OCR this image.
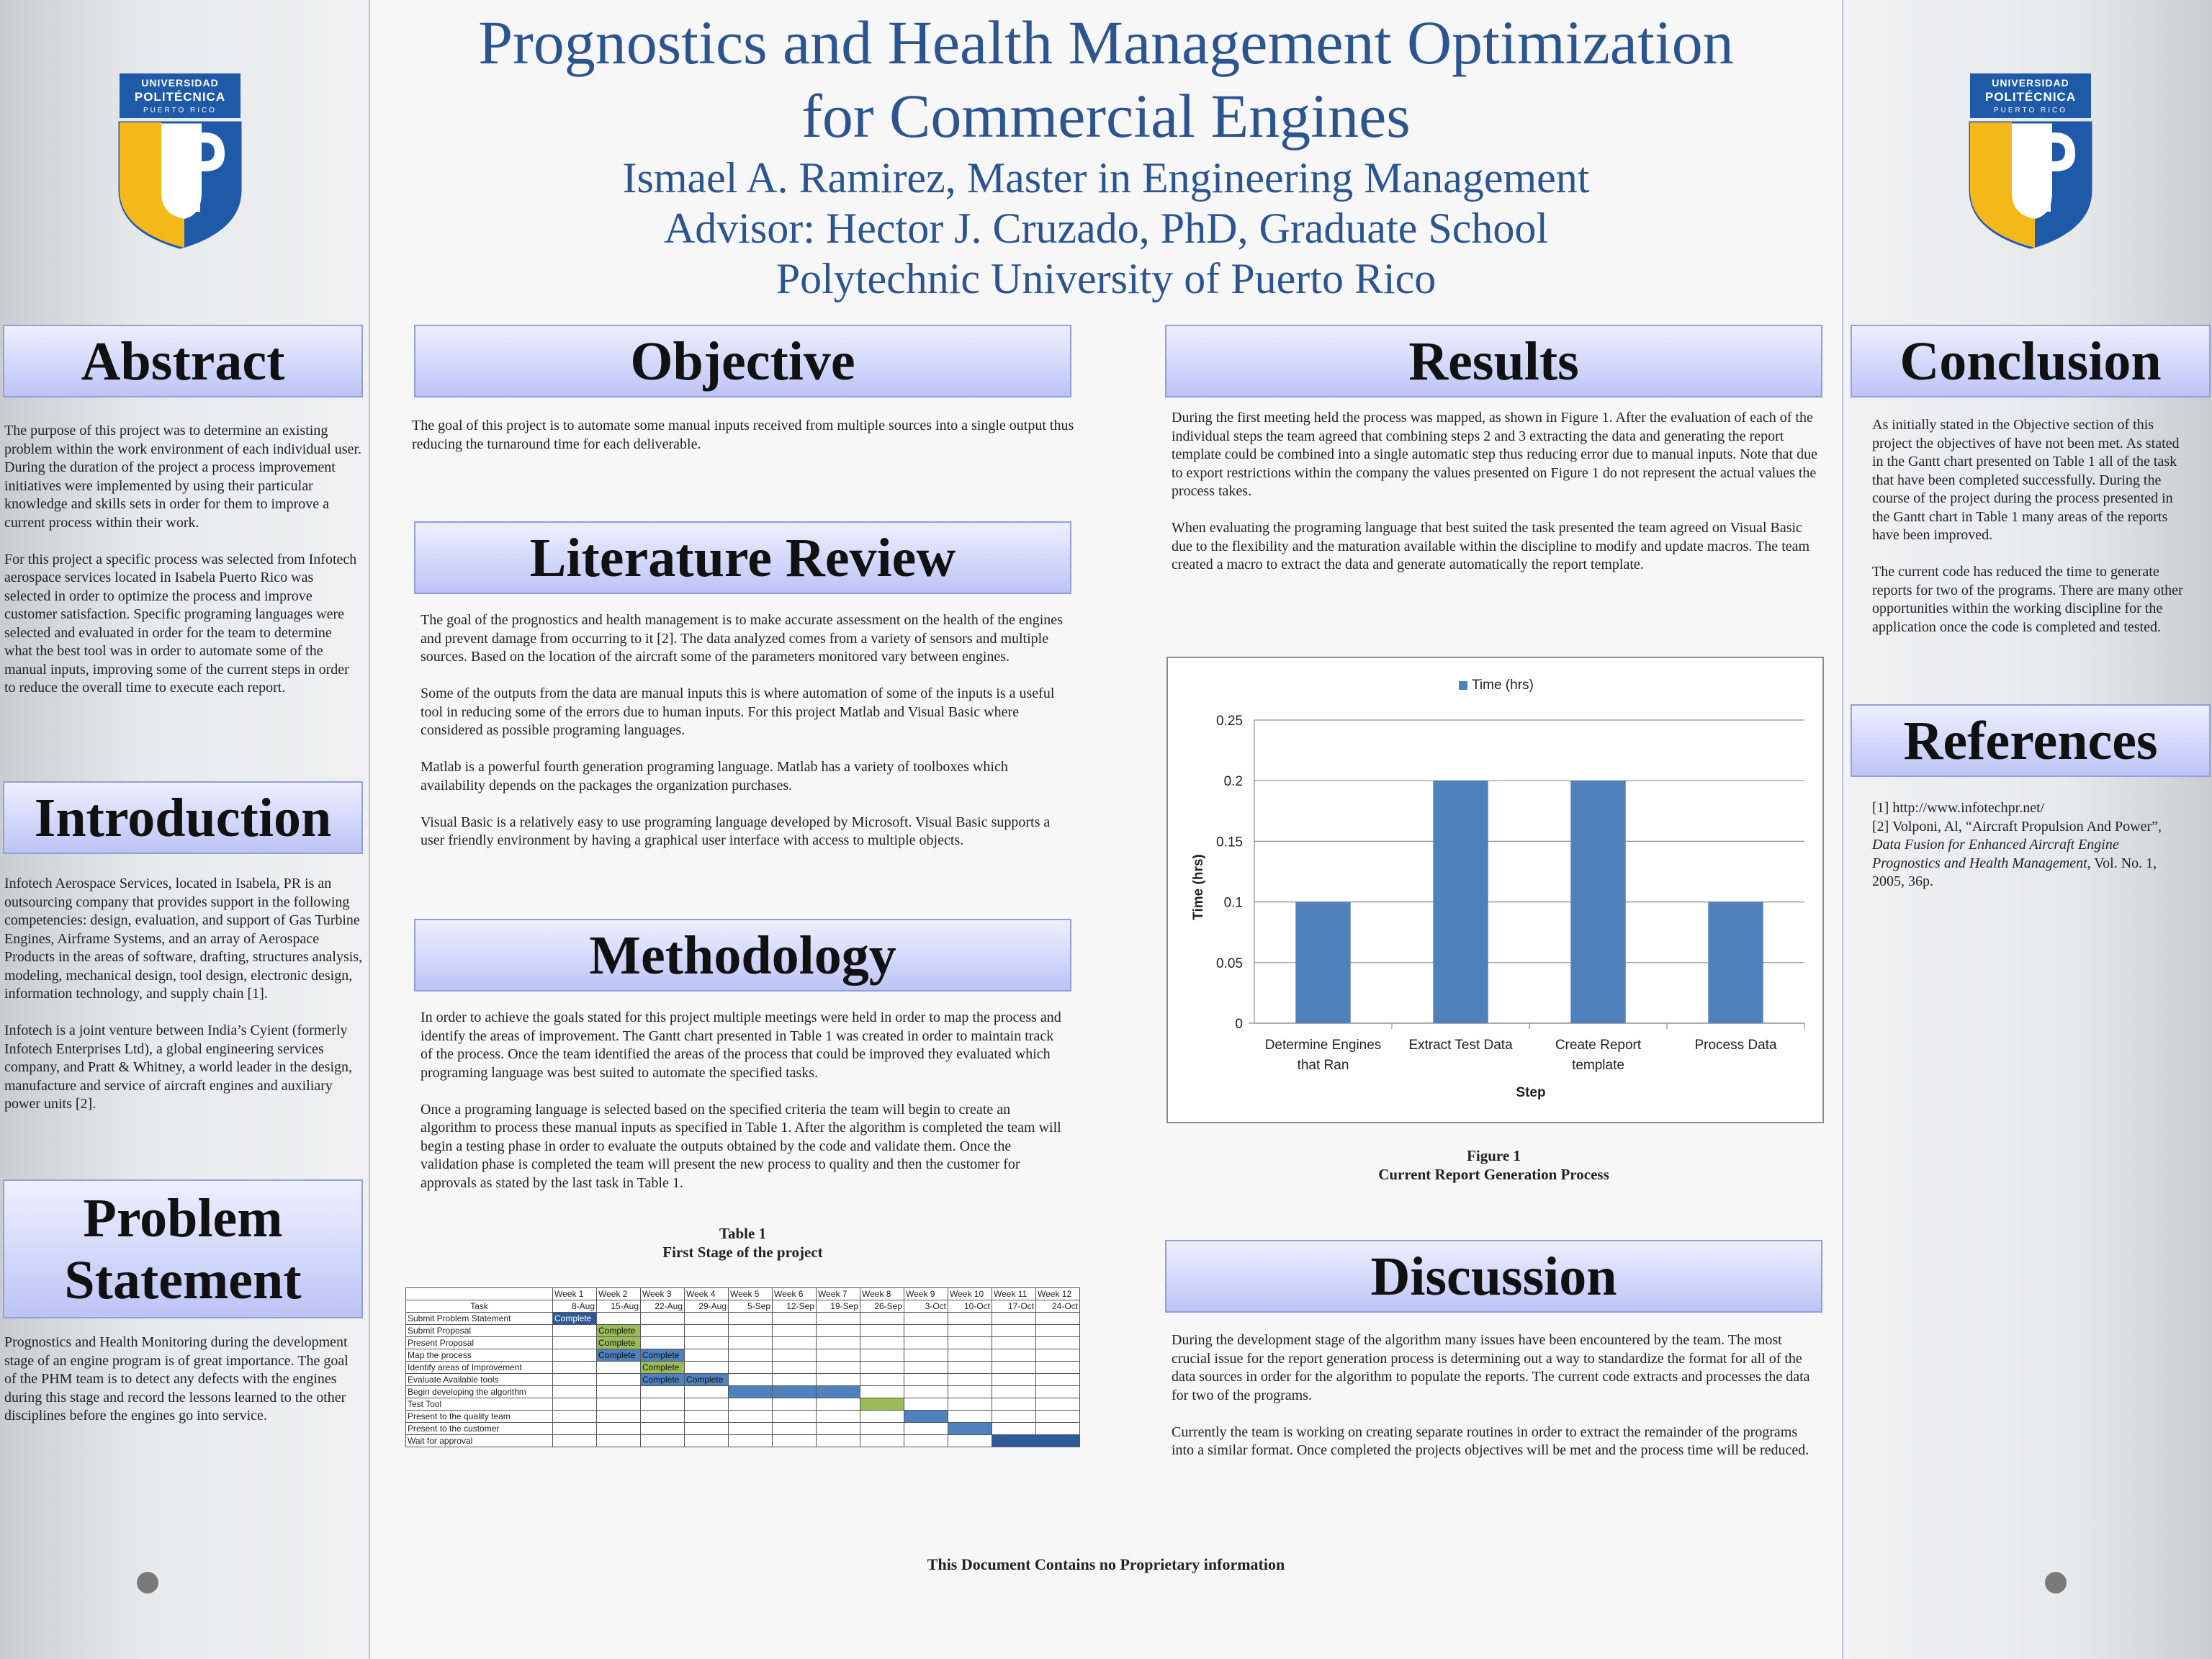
Prognostics and Health Management Optimization
for Commercial Engines
Ismael A. Ramirez, Master in Engineering Management
Advisor: Hector J. Cruzado, PhD, Graduate School
Polytechnic University of Puerto Rico
UNIVERSIDAD
POLITÉCNICA
PUERTO RICO
UNIVERSIDAD
POLITÉCNICA
PUERTO RICO
Abstract

The purpose of this project was to determine an existing problem within the work environment of each individual user. During the duration of the project a process improvement initiatives were implemented by using their particular knowledge and skills sets in order for them to improve a current process within their work.

For this project a specific process was selected from Infotech aerospace services located in Isabela Puerto Rico was selected in order to optimize the process and improve customer satisfaction. Specific programing languages were selected and evaluated in order for the team to determine what the best tool was in order to automate some of the manual inputs, improving some of the current steps in order to reduce the overall time to execute each report.

Introduction

Infotech Aerospace Services, located in Isabela, PR is an outsourcing company that provides support in the following competencies: design, evaluation, and support of Gas Turbine Engines, Airframe Systems, and an array of Aerospace Products in the areas of software, drafting, structures analysis, modeling, mechanical design, tool design, electronic design, information technology, and supply chain [1].

Infotech is a joint venture between India’s Cyient (formerly Infotech Enterprises Ltd), a global engineering services company, and Pratt & Whitney, a world leader in the design, manufacture and service of aircraft engines and auxiliary power units [2].

Problem
Statement

Prognostics and Health Monitoring during the development stage of an engine program is of great importance. The goal of the PHM team is to detect any defects with the engines during this stage and record the lessons learned to the other disciplines before the engines go into service.

Objective

The goal of this project is to automate some manual inputs received from multiple sources into a single output thus reducing the turnaround time for each deliverable.

Literature Review

The goal of the prognostics and health management is to make accurate assessment on the health of the engines and prevent damage from occurring to it [2]. The data analyzed comes from a variety of sensors and multiple sources. Based on the location of the aircraft some of the parameters monitored vary between engines.

Some of the outputs from the data are manual inputs this is where automation of some of the inputs is a useful tool in reducing some of the errors due to human inputs. For this project Matlab and Visual Basic where considered as possible programing languages.

Matlab is a powerful fourth generation programing language. Matlab has a variety of toolboxes which availability depends on the packages the organization purchases.

Visual Basic is a relatively easy to use programing language developed by Microsoft. Visual Basic supports a user friendly environment by having a graphical user interface with access to multiple objects.

Methodology

In order to achieve the goals stated for this project multiple meetings were held in order to map the process and identify the areas of improvement. The Gantt chart presented in Table 1 was created in order to maintain track of the process. Once the team identified the areas of the process that could be improved they evaluated which programing language was best suited to automate the specified tasks.

Once a programing language is selected based on the specified criteria the team will begin to create an algorithm to process these manual inputs as specified in Table 1. After the algorithm is completed the team will begin a testing phase in order to evaluate the outputs obtained by the code and validate them. Once the validation phase is completed the team will present the new process to quality and then the customer for approvals as stated by the last task in Table 1.

Table 1
First Stage of the project
	Week 1	Week 2	Week 3	Week 4	Week 5	Week 6	Week 7	Week 8	Week 9	Week 10	Week 11	Week 12
Task	8-Aug	15-Aug	22-Aug	29-Aug	5-Sep	12-Sep	19-Sep	26-Sep	3-Oct	10-Oct	17-Oct	24-Oct
Submit Problem Statement	Complete											
Submit Proposal		Complete										
Present Proposal		Complete										
Map the process		Complete	Complete									
Identify areas of Improvement			Complete									
Evaluate Available tools			Complete	Complete								
Begin developing the algorithm												
Test Tool												
Present to the quality team												
Present to the customer												
Wait for approval												
Results

During the first meeting held the process was mapped, as shown in Figure 1. After the evaluation of each of the individual steps the team agreed that combining steps 2 and 3 extracting the data and generating the report template could be combined into a single automatic step thus reducing error due to manual inputs. Note that due to export restrictions within the company the values presented on Figure 1 do not represent the actual values the process takes.

When evaluating the programing language that best suited the task presented the team agreed on Visual Basic due to the flexibility and the maturation available within the discipline to modify and update macros. The team created a macro to extract the data and generate automatically the report template.

0
0.05
0.1
0.15
0.2
0.25
Determine Engines that Ran
Extract Test Data	Create Report template
Process Data
Time (hrs)
Time (hrs)
Step
Figure 1
Current Report Generation Process
Discussion

During the development stage of the algorithm many issues have been encountered by the team. The most crucial issue for the report generation process is determining out a way to standardize the format for all of the data sources in order for the algorithm to populate the reports. The current code extracts and processes the data for two of the programs.

Currently the team is working on creating separate routines in order to extract the remainder of the programs into a similar format. Once completed the projects objectives will be met and the process time will be reduced.

Conclusion

As initially stated in the Objective section of this project the objectives of have not been met. As stated in the Gantt chart presented on Table 1 all of the task that have been completed successfully. During the course of the project during the process presented in the Gantt chart in Table 1 many areas of the reports have been improved.

The current code has reduced the time to generate reports for two of the programs. There are many other opportunities within the working discipline for the application once the code is completed and tested.

References
[1] http://www.infotechpr.net/
[2] Volponi, Al, “Aircraft Propulsion And Power”, Data Fusion for Enhanced Aircraft Engine Prognostics and Health Management, Vol. No. 1, 2005, 36p.
This Document Contains no Proprietary information
